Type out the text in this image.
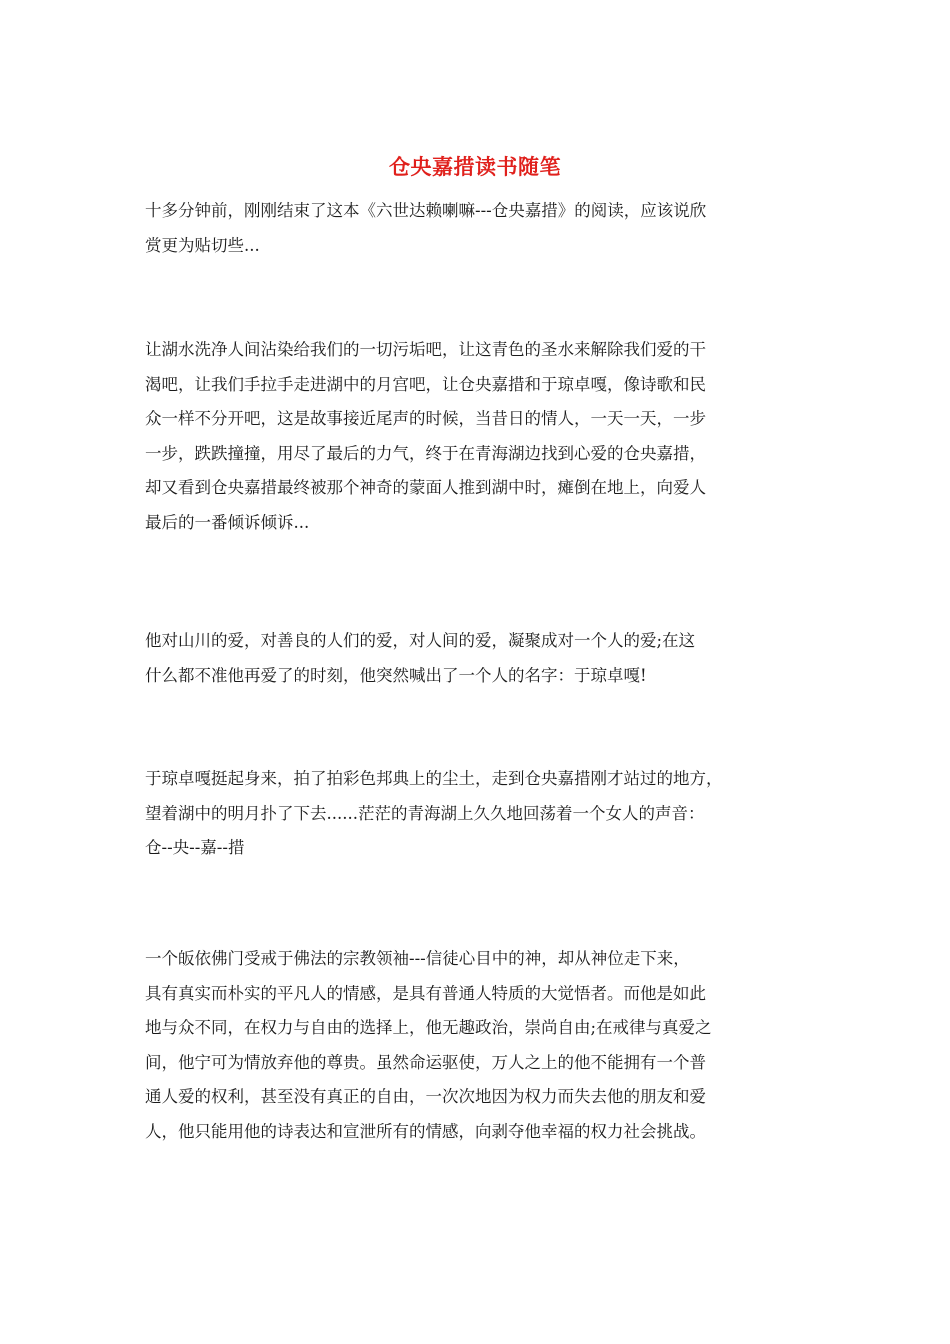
仓央嘉措读书随笔
十多分钟前，刚刚结束了这本《六世达赖喇嘛---仓央嘉措》的阅读，应该说欣
赏更为贴切些...
让湖水洗净人间沾染给我们的一切污垢吧，让这青色的圣水来解除我们爱的干
渴吧，让我们手拉手走进湖中的月宫吧，让仓央嘉措和于琼卓嘎，像诗歌和民
众一样不分开吧，这是故事接近尾声的时候，当昔日的情人，一天一天，一步
一步，跌跌撞撞，用尽了最后的力气，终于在青海湖边找到心爱的仓央嘉措，
却又看到仓央嘉措最终被那个神奇的蒙面人推到湖中时，瘫倒在地上，向爱人
最后的一番倾诉倾诉...
他对山川的爱，对善良的人们的爱，对人间的爱，凝聚成对一个人的爱;在这
什么都不准他再爱了的时刻，他突然喊出了一个人的名字：于琼卓嘎!
于琼卓嘎挺起身来，拍了拍彩色邦典上的尘土，走到仓央嘉措刚才站过的地方，
望着湖中的明月扑了下去......茫茫的青海湖上久久地回荡着一个女人的声音：
仓--央--嘉--措
一个皈依佛门受戒于佛法的宗教领袖---信徒心目中的神，却从神位走下来，
具有真实而朴实的平凡人的情感，是具有普通人特质的大觉悟者。而他是如此
地与众不同，在权力与自由的选择上，他无趣政治，崇尚自由;在戒律与真爱之
间，他宁可为情放弃他的尊贵。虽然命运驱使，万人之上的他不能拥有一个普
通人爱的权利，甚至没有真正的自由，一次次地因为权力而失去他的朋友和爱
人，他只能用他的诗表达和宣泄所有的情感，向剥夺他幸福的权力社会挑战。
